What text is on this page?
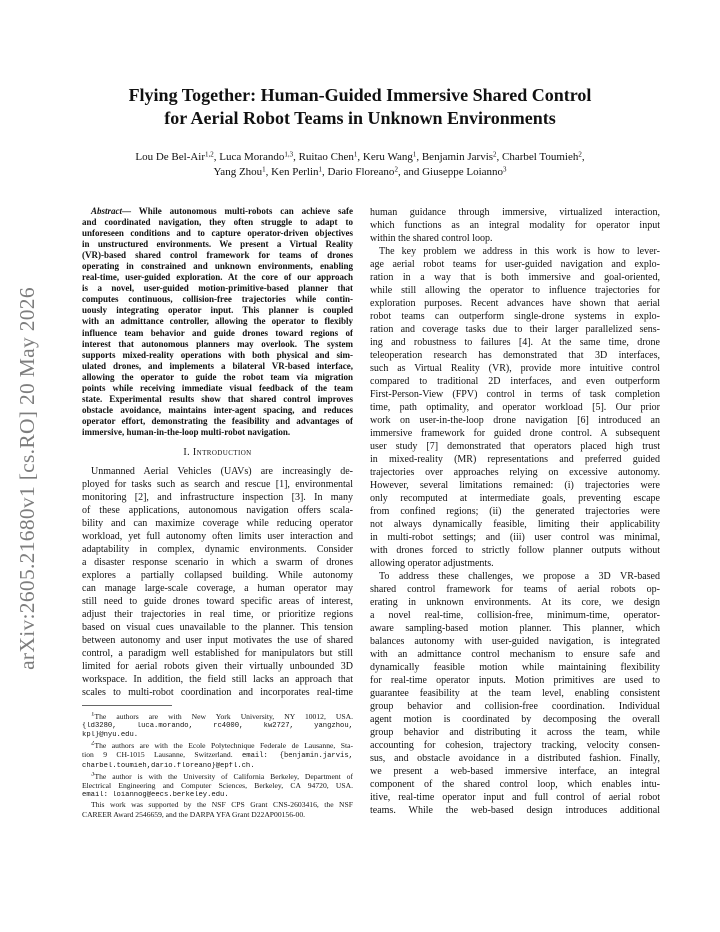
arXiv:2605.21680v1 [cs.RO] 20 May 2026
Flying Together: Human-Guided Immersive Shared Control
for Aerial Robot Teams in Unknown Environments
Lou De Bel-Air$^{1,2}$, Luca Morando$^{1,3}$, Ruitao Chen$^1$, Keru Wang$^1$, Benjamin Jarvis$^2$, Charbel Toumieh$^2$,
Yang Zhou$^1$, Ken Perlin$^1$, Dario Floreano$^2$, and Giuseppe Loianno$^3$
Abstract— While autonomous multi-robots can achieve safe
and coordinated navigation, they often struggle to adapt to
unforeseen conditions and to capture operator-driven objectives
in unstructured environments. We present a Virtual Reality
(VR)-based shared control framework for teams of drones
operating in constrained and unknown environments, enabling
real-time, user-guided exploration. At the core of our approach
is a novel, user-guided motion-primitive-based planner that
computes continuous, collision-free trajectories while contin-
uously integrating operator input. This planner is coupled
with an admittance controller, allowing the operator to flexibly
influence team behavior and guide drones toward regions of
interest that autonomous planners may overlook. The system
supports mixed-reality operations with both physical and sim-
ulated drones, and implements a bilateral VR-based interface,
allowing the operator to guide the robot team via migration
points while receiving immediate visual feedback of the team
state. Experimental results show that shared control improves
obstacle avoidance, maintains inter-agent spacing, and reduces
operator effort, demonstrating the feasibility and advantages of
immersive, human-in-the-loop multi-robot navigation.
I. Introduction
Unmanned Aerial Vehicles (UAVs) are increasingly de-
ployed for tasks such as search and rescue [1], environmental
monitoring [2], and infrastructure inspection [3]. In many
of these applications, autonomous navigation offers scala-
bility and can maximize coverage while reducing operator
workload, yet full autonomy often limits user interaction and
adaptability in complex, dynamic environments. Consider
a disaster response scenario in which a swarm of drones
explores a partially collapsed building. While autonomy
can manage large-scale coverage, a human operator may
still need to guide drones toward specific areas of interest,
adjust their trajectories in real time, or prioritize regions
based on visual cues unavailable to the planner. This tension
between autonomy and user input motivates the use of shared
control, a paradigm well established for manipulators but still
limited for aerial robots given their virtually unbounded 3D
workspace. In addition, the field still lacks an approach that
scales to multi-robot coordination and incorporates real-time
$^1$The authors are with New York University, NY 10012, USA.
{ld3280, luca.morando, rc4000, kw2727, yangzhou,
kpl}@nyu.edu.
$^2$The authors are with the Ecole Polytechnique Federale de Lausanne, Sta-
tion 9 CH-1015 Lausanne, Switzerland. email: {benjamin.jarvis,
charbel.toumieh,dario.floreano}@epfl.ch.
$^3$The author is with the University of California Berkeley, Department of
Electrical Engineering and Computer Sciences, Berkeley, CA 94720, USA.
email: loiannog@eecs.berkeley.edu.
This work was supported by the NSF CPS Grant CNS-2603416, the NSF
CAREER Award 2546659, and the DARPA YFA Grant D22AP00156-00.
human guidance through immersive, virtualized interaction,
which functions as an integral modality for operator input
within the shared control loop.
The key problem we address in this work is how to lever-
age aerial robot teams for user-guided navigation and explo-
ration in a way that is both immersive and goal-oriented,
while still allowing the operator to influence trajectories for
exploration purposes. Recent advances have shown that aerial
robot teams can outperform single-drone systems in explo-
ration and coverage tasks due to their larger parallelized sens-
ing and robustness to failures [4]. At the same time, drone
teleoperation research has demonstrated that 3D interfaces,
such as Virtual Reality (VR), provide more intuitive control
compared to traditional 2D interfaces, and even outperform
First-Person-View (FPV) control in terms of task completion
time, path optimality, and operator workload [5]. Our prior
work on user-in-the-loop drone navigation [6] introduced an
immersive framework for guided drone control. A subsequent
user study [7] demonstrated that operators placed high trust
in mixed-reality (MR) representations and preferred guided
trajectories over approaches relying on excessive autonomy.
However, several limitations remained: (i) trajectories were
only recomputed at intermediate goals, preventing escape
from confined regions; (ii) the generated trajectories were
not always dynamically feasible, limiting their applicability
in multi-robot settings; and (iii) user control was minimal,
with drones forced to strictly follow planner outputs without
allowing operator adjustments.
To address these challenges, we propose a 3D VR-based
shared control framework for teams of aerial robots op-
erating in unknown environments. At its core, we design
a novel real-time, collision-free, minimum-time, operator-
aware sampling-based motion planner. This planner, which
balances autonomy with user-guided navigation, is integrated
with an admittance control mechanism to ensure safe and
dynamically feasible motion while maintaining flexibility
for real-time operator inputs. Motion primitives are used to
guarantee feasibility at the team level, enabling consistent
group behavior and collision-free coordination. Individual
agent motion is coordinated by decomposing the overall
group behavior and distributing it across the team, while
accounting for cohesion, trajectory tracking, velocity consen-
sus, and obstacle avoidance in a distributed fashion. Finally,
we present a web-based immersive interface, an integral
component of the shared control loop, which enables intu-
itive, real-time operator input and full control of aerial robot
teams. While the web-based design introduces additional
